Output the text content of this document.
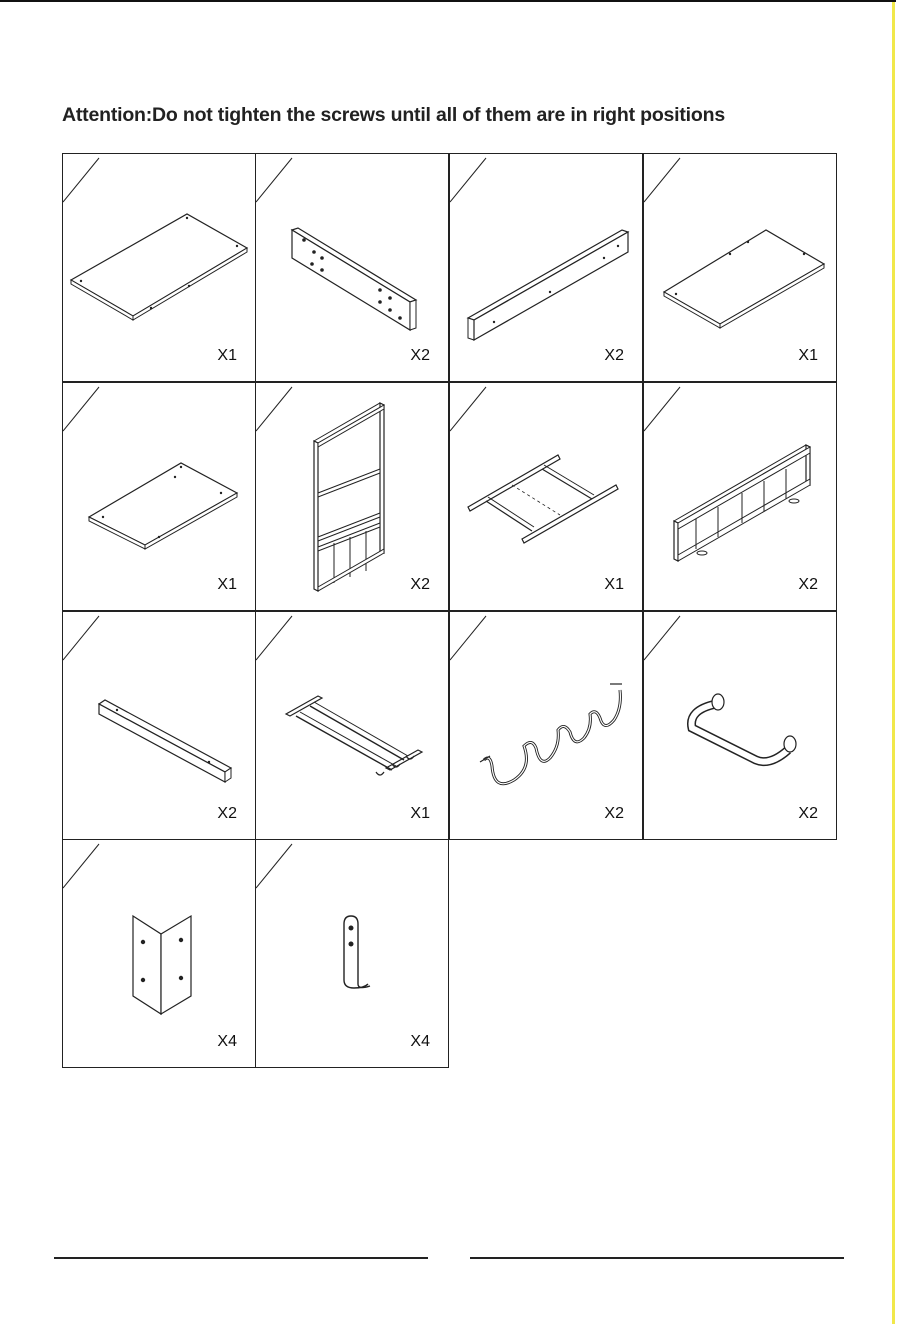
Attention:Do not tighten the screws until all of them are in right positions
X1	X2	X2	X1
X1	X2	X1	X2
X2	X1	X2	X2
X4	X4
